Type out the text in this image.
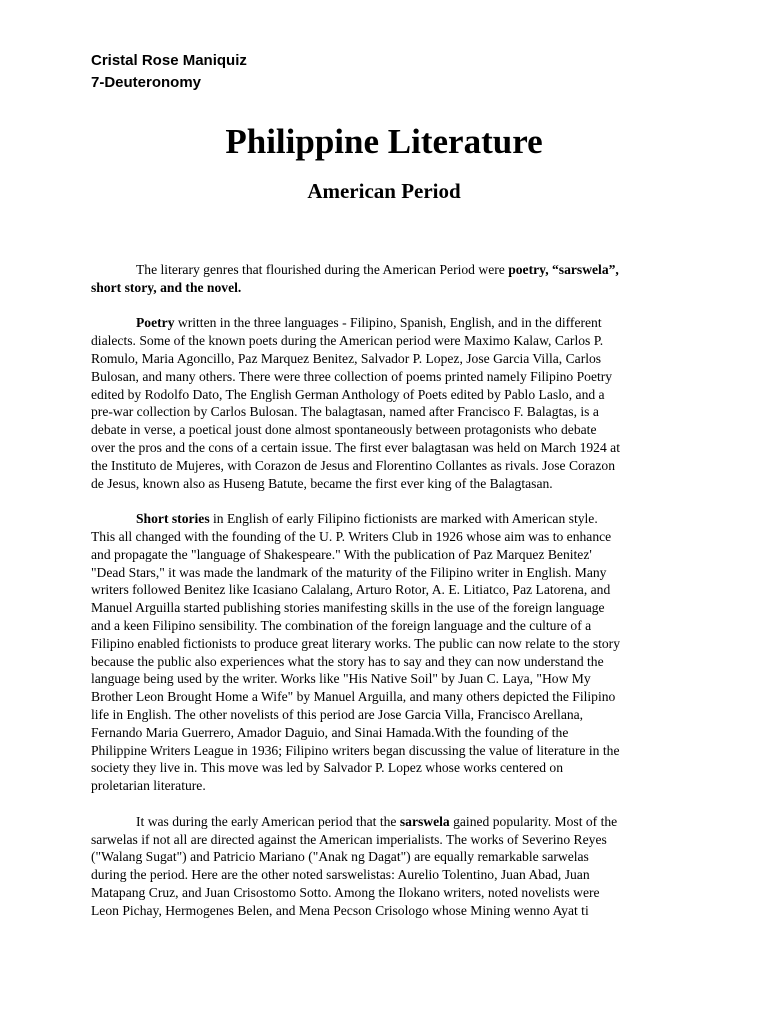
Cristal Rose Maniquiz
7-Deuteronomy
Philippine Literature
American Period
The literary genres that flourished during the American Period were poetry, “sarswela”,
short story, and the novel.
Poetry written in the three languages - Filipino, Spanish, English, and in the different
dialects. Some of the known poets during the American period were Maximo Kalaw, Carlos P.
Romulo, Maria Agoncillo, Paz Marquez Benitez, Salvador P. Lopez, Jose Garcia Villa, Carlos
Bulosan, and many others. There were three collection of poems printed namely Filipino Poetry
edited by Rodolfo Dato, The English German Anthology of Poets edited by Pablo Laslo, and a
pre-war collection by Carlos Bulosan. The balagtasan, named after Francisco F. Balagtas, is a
debate in verse, a poetical joust done almost spontaneously between protagonists who debate
over the pros and the cons of a certain issue. The first ever balagtasan was held on March 1924 at
the Instituto de Mujeres, with Corazon de Jesus and Florentino Collantes as rivals. Jose Corazon
de Jesus, known also as Huseng Batute, became the first ever king of the Balagtasan.
Short stories in English of early Filipino fictionists are marked with American style.
This all changed with the founding of the U. P. Writers Club in 1926 whose aim was to enhance
and propagate the "language of Shakespeare." With the publication of Paz Marquez Benitez'
"Dead Stars," it was made the landmark of the maturity of the Filipino writer in English. Many
writers followed Benitez like Icasiano Calalang, Arturo Rotor, A. E. Litiatco, Paz Latorena, and
Manuel Arguilla started publishing stories manifesting skills in the use of the foreign language
and a keen Filipino sensibility. The combination of the foreign language and the culture of a
Filipino enabled fictionists to produce great literary works. The public can now relate to the story
because the public also experiences what the story has to say and they can now understand the
language being used by the writer. Works like "His Native Soil" by Juan C. Laya, "How My
Brother Leon Brought Home a Wife" by Manuel Arguilla, and many others depicted the Filipino
life in English. The other novelists of this period are Jose Garcia Villa, Francisco Arellana,
Fernando Maria Guerrero, Amador Daguio, and Sinai Hamada.With the founding of the
Philippine Writers League in 1936; Filipino writers began discussing the value of literature in the
society they live in. This move was led by Salvador P. Lopez whose works centered on
proletarian literature.
It was during the early American period that the sarswela gained popularity. Most of the
sarwelas if not all are directed against the American imperialists. The works of Severino Reyes
("Walang Sugat") and Patricio Mariano ("Anak ng Dagat") are equally remarkable sarwelas
during the period. Here are the other noted sarswelistas: Aurelio Tolentino, Juan Abad, Juan
Matapang Cruz, and Juan Crisostomo Sotto. Among the Ilokano writers, noted novelists were
Leon Pichay, Hermogenes Belen, and Mena Pecson Crisologo whose Mining wenno Ayat ti
